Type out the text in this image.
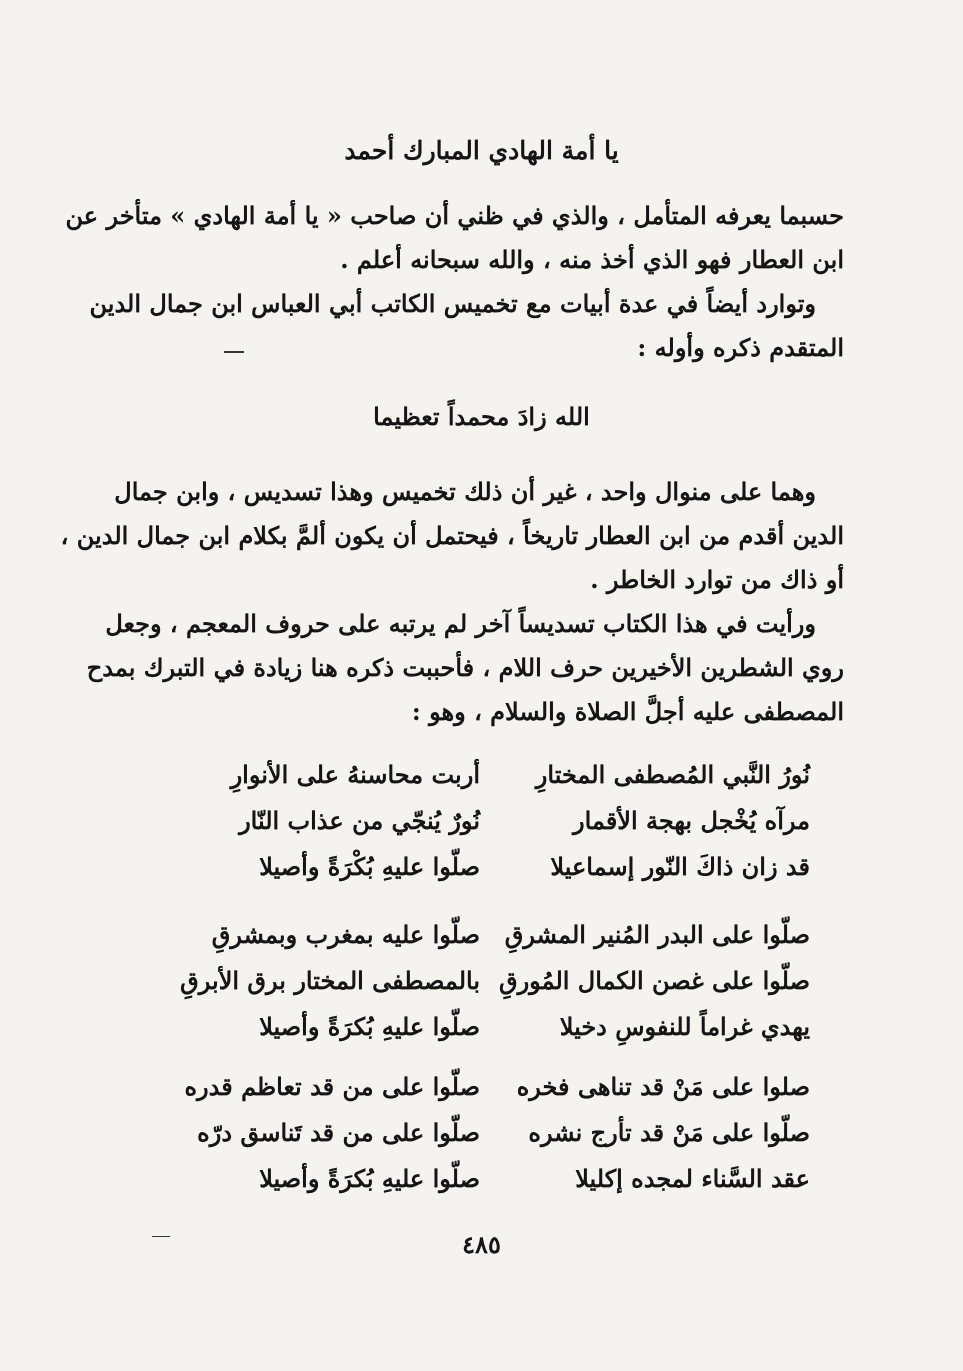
يا أمة الهادي المبارك أحمد
حسبما يعرفه المتأمل ، والذي في ظني أن صاحب « يا أمة الهادي » متأخر عن
ابن العطار فهو الذي أخذ منه ، والله سبحانه أعلم .
وتوارد أيضاً في عدة أبيات مع تخميس الكاتب أبي العباس ابن جمال الدين
المتقدم ذكره وأوله :
الله زادَ محمداً تعظيما
وهما على منوال واحد ، غير أن ذلك تخميس وهذا تسديس ، وابن جمال
الدين أقدم من ابن العطار تاريخاً ، فيحتمل أن يكون ألمَّ بكلام ابن جمال الدين ،
أو ذاك من توارد الخاطر .
ورأيت في هذا الكتاب تسديساً آخر لم يرتبه على حروف المعجم ، وجعل
روي الشطرين الأخيرين حرف اللام ، فأحببت ذكره هنا زيادة في التبرك بمدح
المصطفى عليه أجلَّ الصلاة والسلام ، وهو :
نُورُ النَّبي المُصطفى المختارِ
أربت محاسنهُ على الأنوارِ
مرآه يُخْجل بهجة الأقمار
نُورٌ يُنجّي من عذاب النّار
قد زان ذاكَ النّور إسماعيلا
صلّوا عليهِ بُكْرَةً وأصيلا
صلّوا على البدر المُنير المشرقِ
صلّوا عليه بمغرب وبمشرقِ
صلّوا على غصن الكمال المُورقِ
بالمصطفى المختار برق الأبرقِ
يهدي غراماً للنفوسِ دخيلا
صلّوا عليهِ بُكرَةً وأصيلا
صلوا على مَنْ قد تناهى فخره
صلّوا على من قد تعاظم قدره
صلّوا على مَنْ قد تأرج نشره
صلّوا على من قد تَناسق درّه
عقد السَّناء لمجده إكليلا
صلّوا عليهِ بُكرَةً وأصيلا
٤٨٥
